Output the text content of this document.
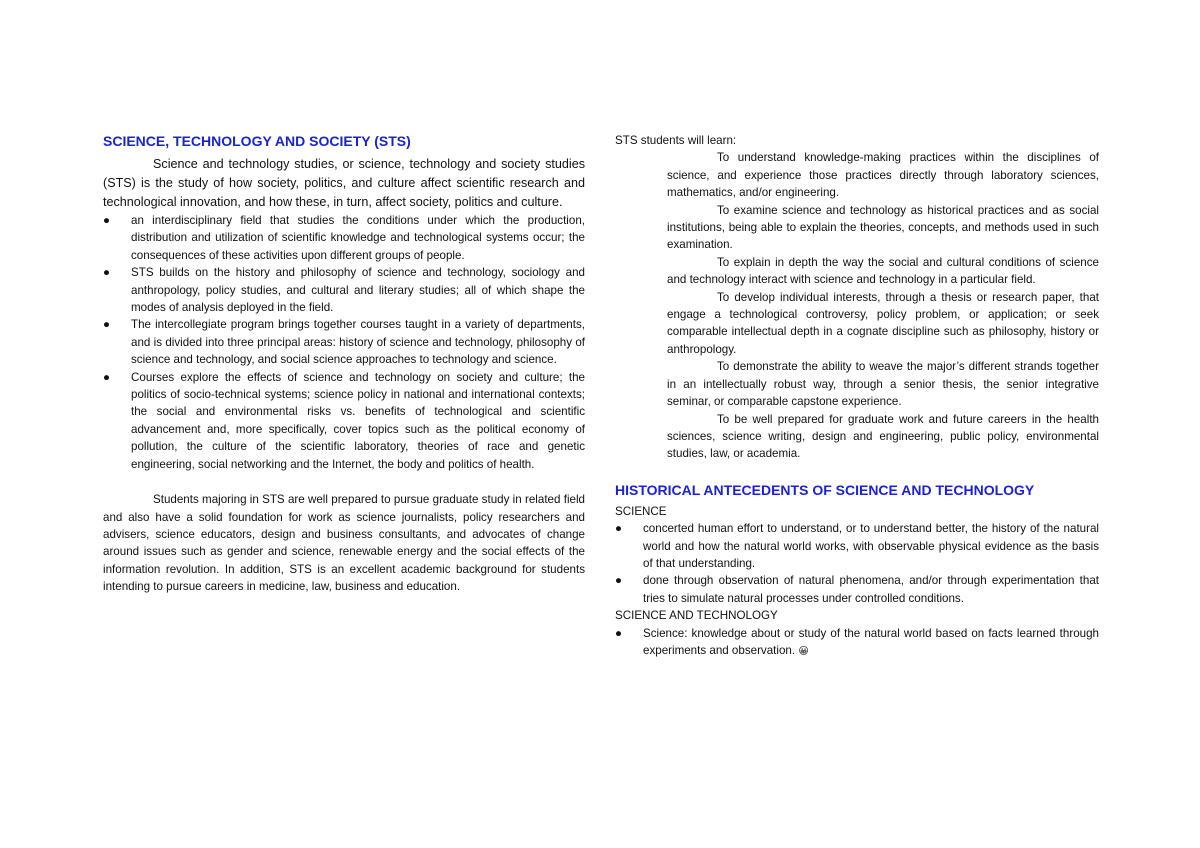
SCIENCE, TECHNOLOGY AND SOCIETY (STS)

Science and technology studies, or science, technology and society studies (STS) is the study of how society, politics, and culture affect scientific research and technological innovation, and how these, in turn, affect society, politics and culture.

● an interdisciplinary field that studies the conditions under which the production, distribution and utilization of scientific knowledge and technological systems occur; the consequences of these activities upon different groups of people.
● STS builds on the history and philosophy of science and technology, sociology and anthropology, policy studies, and cultural and literary studies; all of which shape the modes of analysis deployed in the field.
● The intercollegiate program brings together courses taught in a variety of departments, and is divided into three principal areas: history of science and technology, philosophy of science and technology, and social science approaches to technology and science.
● Courses explore the effects of science and technology on society and culture; the politics of socio-technical systems; science policy in national and international contexts; the social and environmental risks vs. benefits of technological and scientific advancement and, more specifically, cover topics such as the political economy of pollution, the culture of the scientific laboratory, theories of race and genetic engineering, social networking and the Internet, the body and politics of health.

Students majoring in STS are well prepared to pursue graduate study in related field and also have a solid foundation for work as science journalists, policy researchers and advisers, science educators, design and business consultants, and advocates of change around issues such as gender and science, renewable energy and the social effects of the information revolution. In addition, STS is an excellent academic background for students intending to pursue careers in medicine, law, business and education.

STS students will learn:

To understand knowledge-making practices within the disciplines of science, and experience those practices directly through laboratory sciences, mathematics, and/or engineering.
To examine science and technology as historical practices and as social institutions, being able to explain the theories, concepts, and methods used in such examination.
To explain in depth the way the social and cultural conditions of science and technology interact with science and technology in a particular field.
To develop individual interests, through a thesis or research paper, that engage a technological controversy, policy problem, or application; or seek comparable intellectual depth in a cognate discipline such as philosophy, history or anthropology.
To demonstrate the ability to weave the major’s different strands together in an intellectually robust way, through a senior thesis, the senior integrative seminar, or comparable capstone experience.
To be well prepared for graduate work and future careers in the health sciences, science writing, design and engineering, public policy, environmental studies, law, or academia.
HISTORICAL ANTECEDENTS OF SCIENCE AND TECHNOLOGY

SCIENCE

● concerted human effort to understand, or to understand better, the history of the natural world and how the natural world works, with observable physical evidence as the basis of that understanding.
● done through observation of natural phenomena, and/or through experimentation that tries to simulate natural processes under controlled conditions.

SCIENCE AND TECHNOLOGY

● Science: knowledge about or study of the natural world based on facts learned through experiments and observation. 😀
